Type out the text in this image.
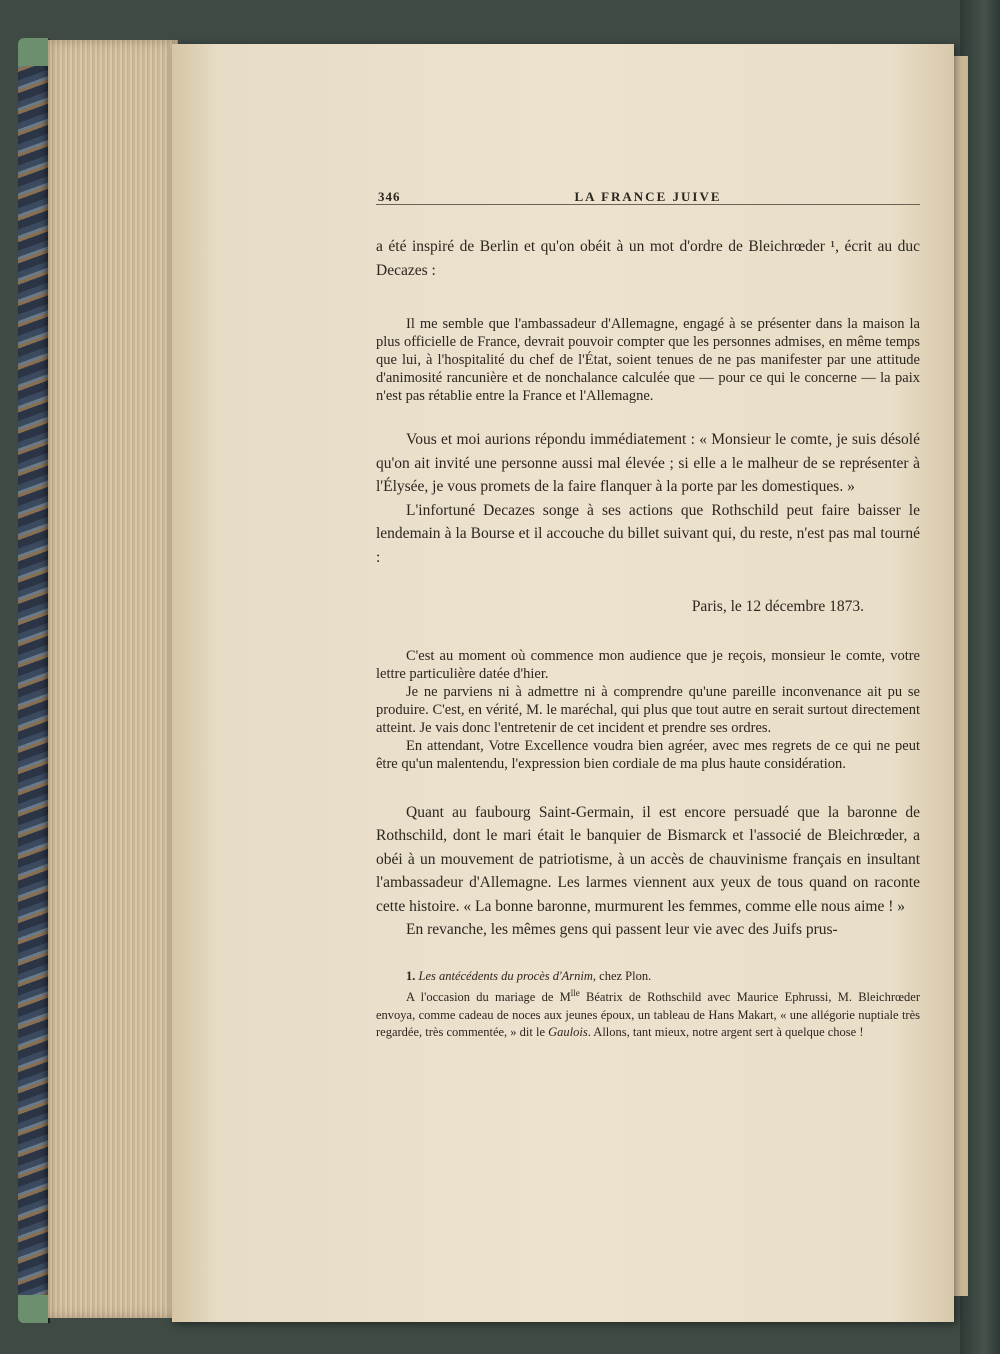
346	LA FRANCE JUIVE

a été inspiré de Berlin et qu'on obéit à un mot d'ordre de Bleichrœder ¹, écrit au duc Decazes :

Il me semble que l'ambassadeur d'Allemagne, engagé à se présenter dans la maison la plus officielle de France, devrait pouvoir compter que les personnes admises, en même temps que lui, à l'hospitalité du chef de l'État, soient tenues de ne pas manifester par une attitude d'animosité rancunière et de nonchalance calculée que — pour ce qui le concerne — la paix n'est pas rétablie entre la France et l'Allemagne.

Vous et moi aurions répondu immédiatement : « Monsieur le comte, je suis désolé qu'on ait invité une personne aussi mal élevée ; si elle a le malheur de se représenter à l'Élysée, je vous promets de la faire flanquer à la porte par les domestiques. »

L'infortuné Decazes songe à ses actions que Rothschild peut faire baisser le lendemain à la Bourse et il accouche du billet suivant qui, du reste, n'est pas mal tourné :

Paris, le 12 décembre 1873.

C'est au moment où commence mon audience que je reçois, monsieur le comte, votre lettre particulière datée d'hier.

Je ne parviens ni à admettre ni à comprendre qu'une pareille inconvenance ait pu se produire. C'est, en vérité, M. le maréchal, qui plus que tout autre en serait surtout directement atteint. Je vais donc l'entretenir de cet incident et prendre ses ordres.

En attendant, Votre Excellence voudra bien agréer, avec mes regrets de ce qui ne peut être qu'un malentendu, l'expression bien cordiale de ma plus haute considération.

Quant au faubourg Saint-Germain, il est encore persuadé que la baronne de Rothschild, dont le mari était le banquier de Bismarck et l'associé de Bleichrœder, a obéi à un mouvement de patriotisme, à un accès de chauvinisme français en insultant l'ambassadeur d'Allemagne. Les larmes viennent aux yeux de tous quand on raconte cette histoire. « La bonne baronne, murmurent les femmes, comme elle nous aime ! »

En revanche, les mêmes gens qui passent leur vie avec des Juifs prus-

1. Les antécédents du procès d'Arnim, chez Plon.

A l'occasion du mariage de $M^{lle}$ Béatrix de Rothschild avec Maurice Ephrussi, M. Bleichrœder envoya, comme cadeau de noces aux jeunes époux, un tableau de Hans Makart, « une allégorie nuptiale très regardée, très commentée, » dit le Gaulois. Allons, tant mieux, notre argent sert à quelque chose !
